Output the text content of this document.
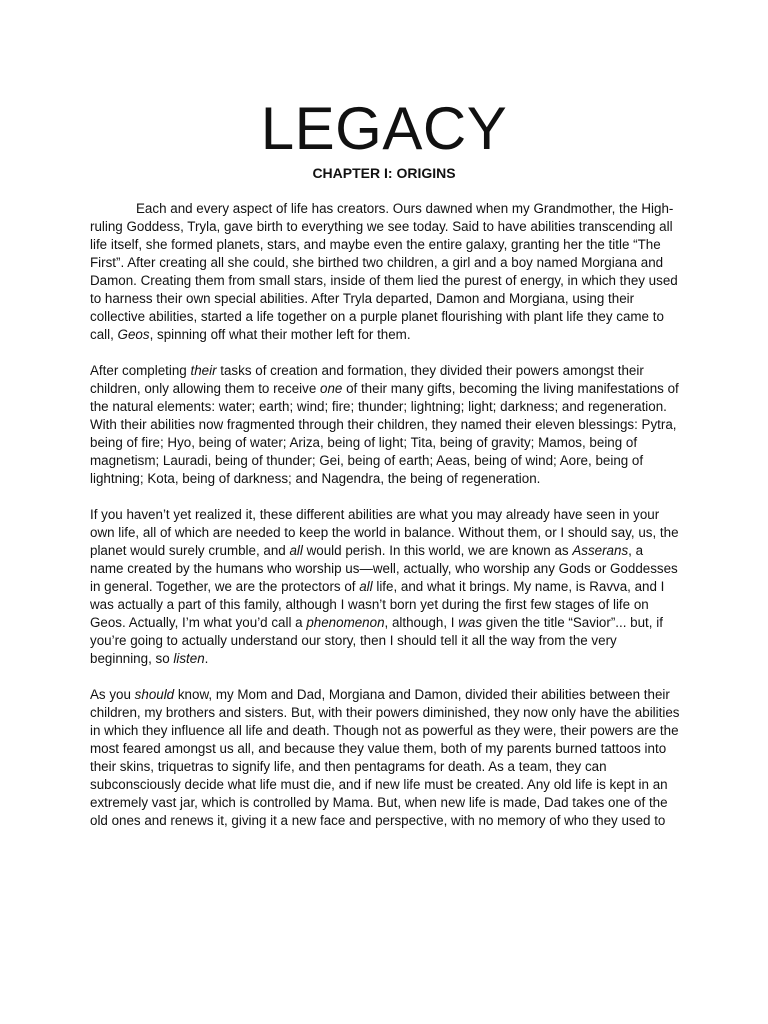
LEGACY
CHAPTER I: ORIGINS

Each and every aspect of life has creators. Ours dawned when my Grandmother, the High-ruling Goddess, Tryla, gave birth to everything we see today. Said to have abilities transcending all life itself, she formed planets, stars, and maybe even the entire galaxy, granting her the title “The First”. After creating all she could, she birthed two children, a girl and a boy named Morgiana and Damon. Creating them from small stars, inside of them lied the purest of energy, in which they used to harness their own special abilities. After Tryla departed, Damon and Morgiana, using their collective abilities, started a life together on a purple planet flourishing with plant life they came to call, Geos, spinning off what their mother left for them.

After completing their tasks of creation and formation, they divided their powers amongst their children, only allowing them to receive one of their many gifts, becoming the living manifestations of the natural elements: water; earth; wind; fire; thunder; lightning; light; darkness; and regeneration. With their abilities now fragmented through their children, they named their eleven blessings: Pytra, being of fire; Hyo, being of water; Ariza, being of light; Tita, being of gravity; Mamos, being of magnetism; Lauradi, being of thunder; Gei, being of earth; Aeas, being of wind; Aore, being of lightning; Kota, being of darkness; and Nagendra, the being of regeneration.

If you haven’t yet realized it, these different abilities are what you may already have seen in your own life, all of which are needed to keep the world in balance. Without them, or I should say, us, the planet would surely crumble, and all would perish. In this world, we are known as Asserans, a name created by the humans who worship us—well, actually, who worship any Gods or Goddesses in general. Together, we are the protectors of all life, and what it brings. My name, is Ravva, and I was actually a part of this family, although I wasn’t born yet during the first few stages of life on Geos. Actually, I’m what you’d call a phenomenon, although, I was given the title “Savior”... but, if you’re going to actually understand our story, then I should tell it all the way from the very beginning, so listen.

As you should know, my Mom and Dad, Morgiana and Damon, divided their abilities between their children, my brothers and sisters. But, with their powers diminished, they now only have the abilities in which they influence all life and death. Though not as powerful as they were, their powers are the most feared amongst us all, and because they value them, both of my parents burned tattoos into their skins, triquetras to signify life, and then pentagrams for death. As a team, they can subconsciously decide what life must die, and if new life must be created. Any old life is kept in an extremely vast jar, which is controlled by Mama. But, when new life is made, Dad takes one of the old ones and renews it, giving it a new face and perspective, with no memory of who they used to
